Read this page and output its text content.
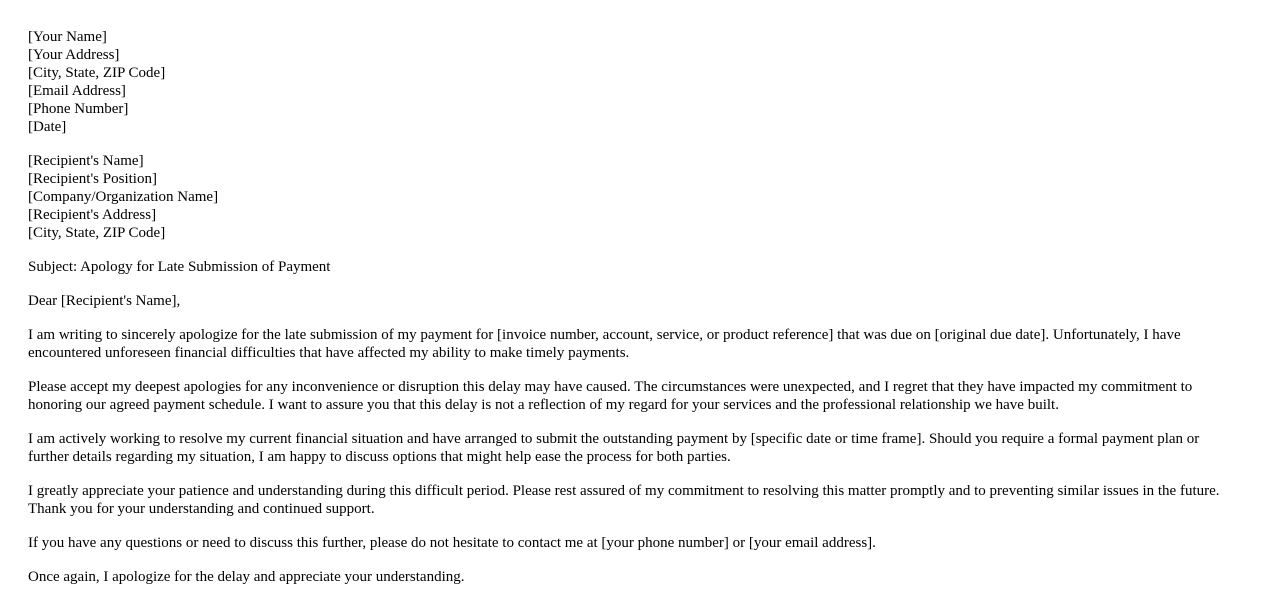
[Your Name]
[Your Address]
[City, State, ZIP Code]
[Email Address]
[Phone Number]
[Date]
[Recipient's Name]
[Recipient's Position]
[Company/Organization Name]
[Recipient's Address]
[City, State, ZIP Code]

Subject: Apology for Late Submission of Payment

Dear [Recipient's Name],

I am writing to sincerely apologize for the late submission of my payment for [invoice number, account, service, or product reference] that was due on [original due date]. Unfortunately, I have encountered unforeseen financial difficulties that have affected my ability to make timely payments.

Please accept my deepest apologies for any inconvenience or disruption this delay may have caused. The circumstances were unexpected, and I regret that they have impacted my commitment to honoring our agreed payment schedule. I want to assure you that this delay is not a reflection of my regard for your services and the professional relationship we have built.

I am actively working to resolve my current financial situation and have arranged to submit the outstanding payment by [specific date or time frame]. Should you require a formal payment plan or further details regarding my situation, I am happy to discuss options that might help ease the process for both parties.

I greatly appreciate your patience and understanding during this difficult period. Please rest assured of my commitment to resolving this matter promptly and to preventing similar issues in the future. Thank you for your understanding and continued support.

If you have any questions or need to discuss this further, please do not hesitate to contact me at [your phone number] or [your email address].

Once again, I apologize for the delay and appreciate your understanding.
